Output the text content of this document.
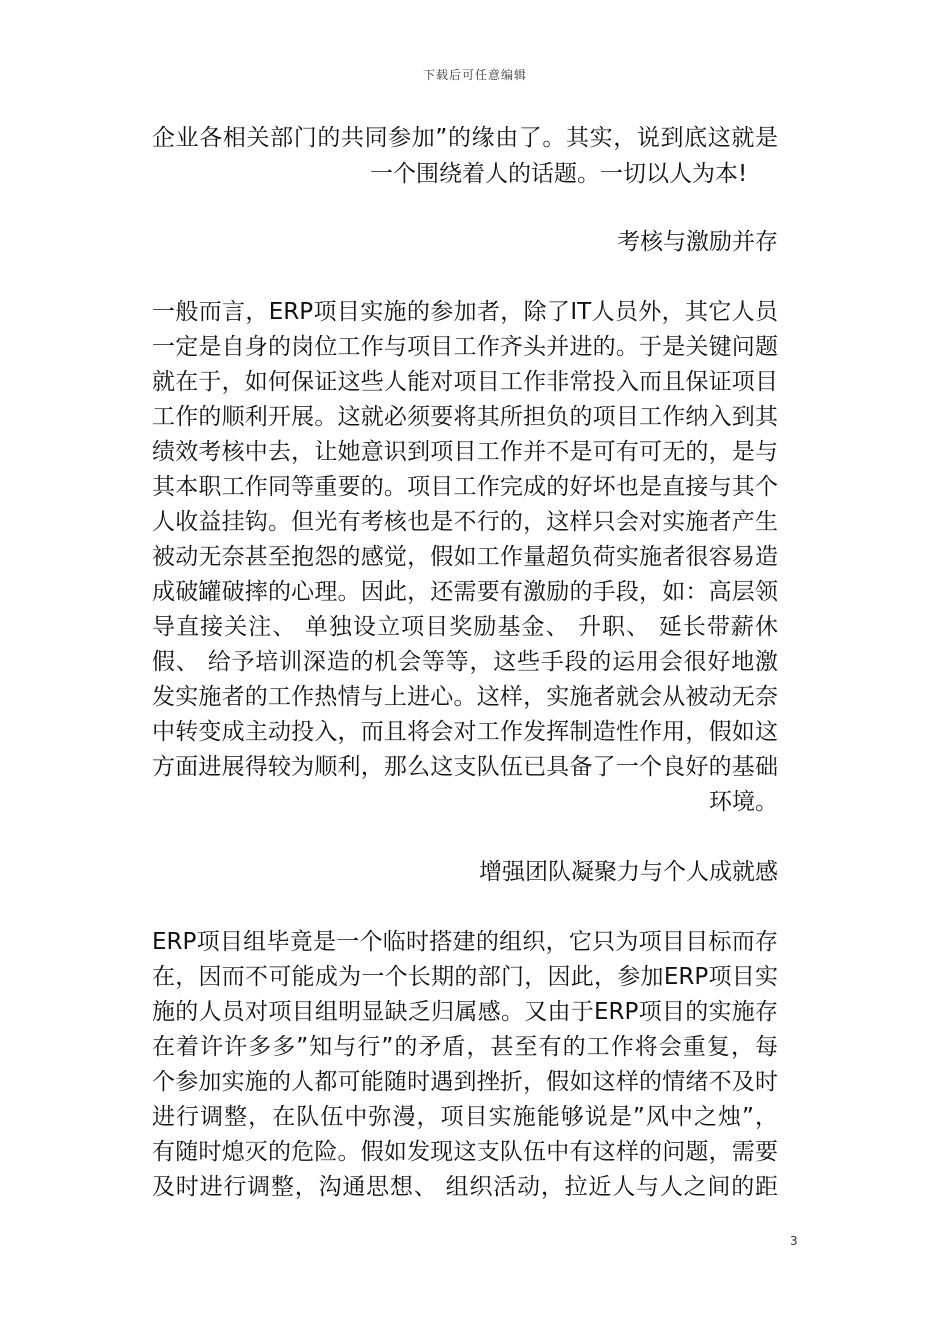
下载后可任意编辑
企业各相关部门的共同参加”的缘由了。其实，说到底这就是
一个围绕着人的话题。一切以人为本!
考核与激励并存
一般而言，ERP项目实施的参加者，除了IT人员外，其它人员
一定是自身的岗位工作与项目工作齐头并进的。于是关键问题
就在于，如何保证这些人能对项目工作非常投入而且保证项目
工作的顺利开展。这就必须要将其所担负的项目工作纳入到其
绩效考核中去，让她意识到项目工作并不是可有可无的，是与
其本职工作同等重要的。项目工作完成的好坏也是直接与其个
人收益挂钩。但光有考核也是不行的，这样只会对实施者产生
被动无奈甚至抱怨的感觉，假如工作量超负荷实施者很容易造
成破罐破摔的心理。因此，还需要有激励的手段，如：高层领
导直接关注、 单独设立项目奖励基金、 升职、 延长带薪休
假、 给予培训深造的机会等等，这些手段的运用会很好地激
发实施者的工作热情与上进心。这样，实施者就会从被动无奈
中转变成主动投入，而且将会对工作发挥制造性作用，假如这
方面进展得较为顺利，那么这支队伍已具备了一个良好的基础
环境。
增强团队凝聚力与个人成就感
ERP项目组毕竟是一个临时搭建的组织，它只为项目目标而存
在，因而不可能成为一个长期的部门，因此，参加ERP项目实
施的人员对项目组明显缺乏归属感。又由于ERP项目的实施存
在着许许多多”知与行”的矛盾，甚至有的工作将会重复，每
个参加实施的人都可能随时遇到挫折，假如这样的情绪不及时
进行调整，在队伍中弥漫，项目实施能够说是”风中之烛”，
有随时熄灭的危险。假如发现这支队伍中有这样的问题，需要
及时进行调整，沟通思想、 组织活动，拉近人与人之间的距
3
